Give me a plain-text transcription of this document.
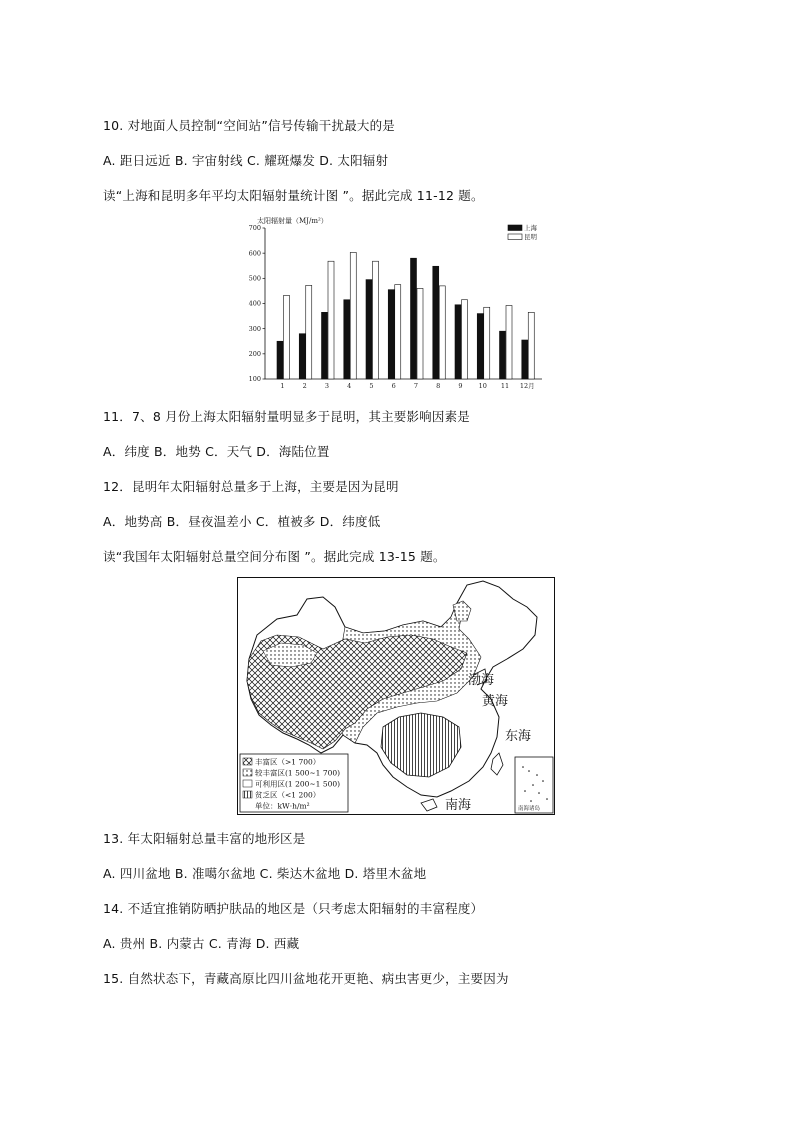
10. 对地面人员控制“空间站”信号传输干扰最大的是
A. 距日远近 B. 宇宙射线 C. 耀斑爆发 D. 太阳辐射
读“上海和昆明多年平均太阳辐射量统计图 ”。据此完成 11-12 题。
太阳辐射量（MJ/m²）
100
200
300
400
500
600
700
1	2	3	4	5	6	7	8	9 10 11 12月
上海
昆明
11．7、8 月份上海太阳辐射量明显多于昆明，其主要影响因素是
A．纬度 B．地势 C．天气 D．海陆位置
12．昆明年太阳辐射总量多于上海，主要是因为昆明
A．地势高 B．昼夜温差小 C．植被多 D．纬度低
读“我国年太阳辐射总量空间分布图 ”。据此完成 13-15 题。
渤海
黄海
东海
南海	南海诸岛
丰富区（>1 700）
较丰富区(1 500~1 700)
可利用区(1 200~1 500)
贫乏区（<1 200）
单位：kW·h/m²
13. 年太阳辐射总量丰富的地形区是
A. 四川盆地 B. 准噶尔盆地 C. 柴达木盆地 D. 塔里木盆地
14. 不适宜推销防晒护肤品的地区是（只考虑太阳辐射的丰富程度）
A. 贵州 B. 内蒙古 C. 青海 D. 西藏
15. 自然状态下，青藏高原比四川盆地花开更艳、病虫害更少，主要因为
